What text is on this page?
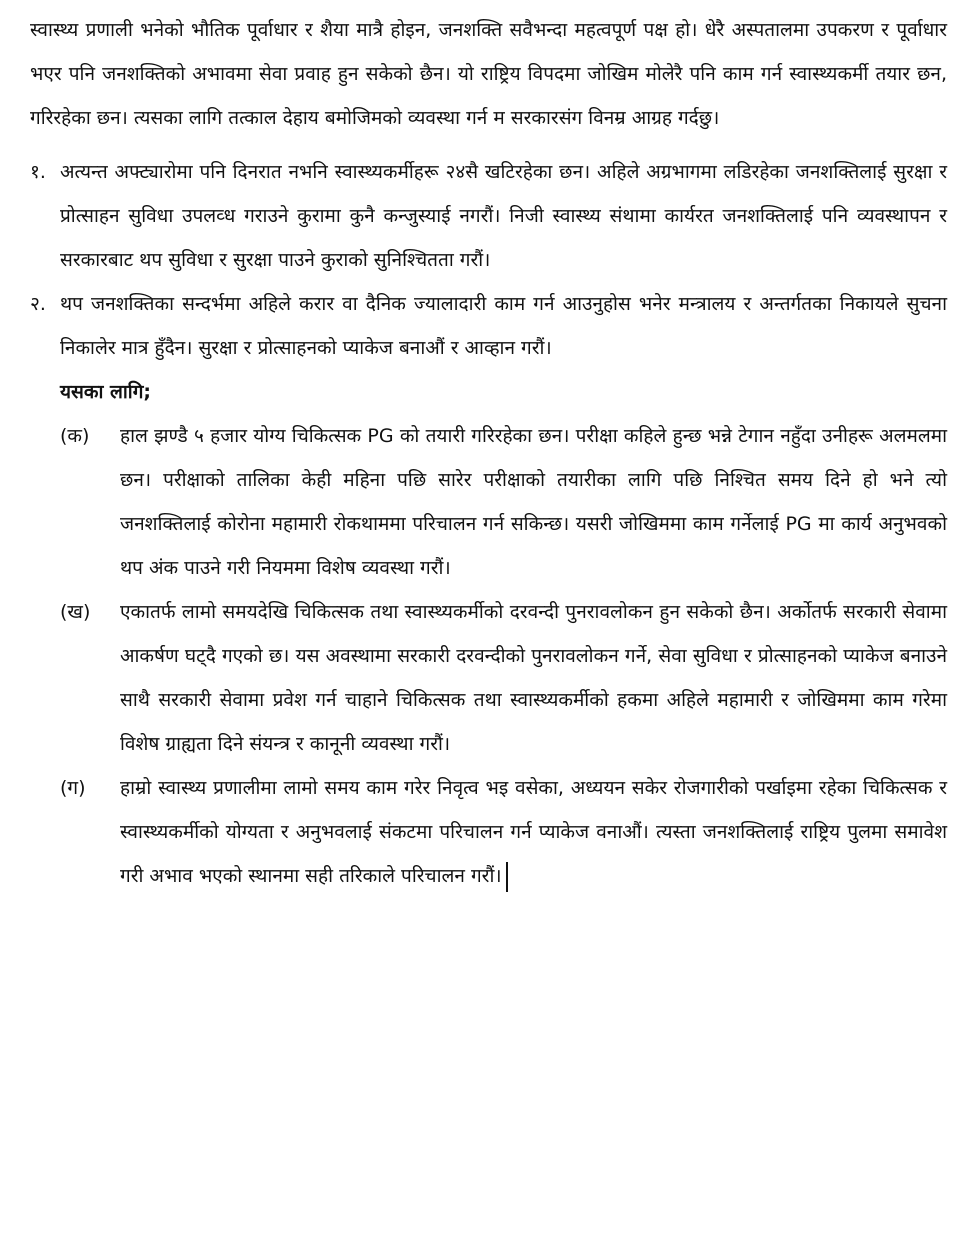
स्वास्थ्य प्रणाली भनेको भौतिक पूर्वाधार र शैया मात्रै होइन, जनशक्ति सवैभन्दा महत्वपूर्ण पक्ष हो। धेरै अस्पतालमा उपकरण र पूर्वाधार भएर पनि जनशक्तिको अभावमा सेवा प्रवाह हुन सकेको छैन। यो राष्ट्रिय विपदमा जोखिम मोलेरै पनि काम गर्न स्वास्थ्यकर्मी तयार छन, गरिरहेका छन। त्यसका लागि तत्काल देहाय बमोजिमको व्यवस्था गर्न म सरकारसंग विनम्र आग्रह गर्दछु।

१. अत्यन्त अफ्ट्यारोमा पनि दिनरात नभनि स्वास्थ्यकर्मीहरू २४सै खटिरहेका छन। अहिले अग्रभागमा लडिरहेका जनशक्तिलाई सुरक्षा र प्रोत्साहन सुविधा उपलव्ध गराउने कुरामा कुनै कन्जुस्याई नगरौं। निजी स्वास्थ्य संथामा कार्यरत जनशक्तिलाई पनि व्यवस्थापन र सरकारबाट थप सुविधा र सुरक्षा पाउने कुराको सुनिश्चितता गरौं।

२. थप जनशक्तिका सन्दर्भमा अहिले करार वा दैनिक ज्यालादारी काम गर्न आउनुहोस भनेर मन्त्रालय र अन्तर्गतका निकायले सुचना निकालेर मात्र हुँदैन। सुरक्षा र प्रोत्साहनको प्याकेज बनाऔं र आव्हान गरौं।

यसका लागि;

(क)	हाल झण्डै ५ हजार योग्य चिकित्सक PG को तयारी गरिरहेका छन। परीक्षा कहिले हुन्छ भन्ने टेगान नहुँदा उनीहरू अलमलमा छन। परीक्षाको तालिका केही महिना पछि सारेर परीक्षाको तयारीका लागि पछि निश्चित समय दिने हो भने त्यो जनशक्तिलाई कोरोना महामारी रोकथाममा परिचालन गर्न सकिन्छ। यसरी जोखिममा काम गर्नेलाई PG मा कार्य अनुभवको थप अंक पाउने गरी नियममा विशेष व्यवस्था गरौं।

(ख)	एकातर्फ लामो समयदेखि चिकित्सक तथा स्वास्थ्यकर्मीको दरवन्दी पुनरावलोकन हुन सकेको छैन। अर्कोतर्फ सरकारी सेवामा आकर्षण घट्दै गएको छ। यस अवस्थामा सरकारी दरवन्दीको पुनरावलोकन गर्ने, सेवा सुविधा र प्रोत्साहनको प्याकेज बनाउने साथै सरकारी सेवामा प्रवेश गर्न चाहाने चिकित्सक तथा स्वास्थ्यकर्मीको हकमा अहिले महामारी र जोखिममा काम गरेमा विशेष ग्राह्यता दिने संयन्त्र र कानूनी व्यवस्था गरौं।

(ग)	हाम्रो स्वास्थ्य प्रणालीमा लामो समय काम गरेर निवृत्व भइ वसेका, अध्ययन सकेर रोजगारीको पर्खाइमा रहेका चिकित्सक र स्वास्थ्यकर्मीको योग्यता र अनुभवलाई संकटमा परिचालन गर्न प्याकेज वनाऔं। त्यस्ता जनशक्तिलाई राष्ट्रिय पुलमा समावेश गरी अभाव भएको स्थानमा सही तरिकाले परिचालन गरौं।
